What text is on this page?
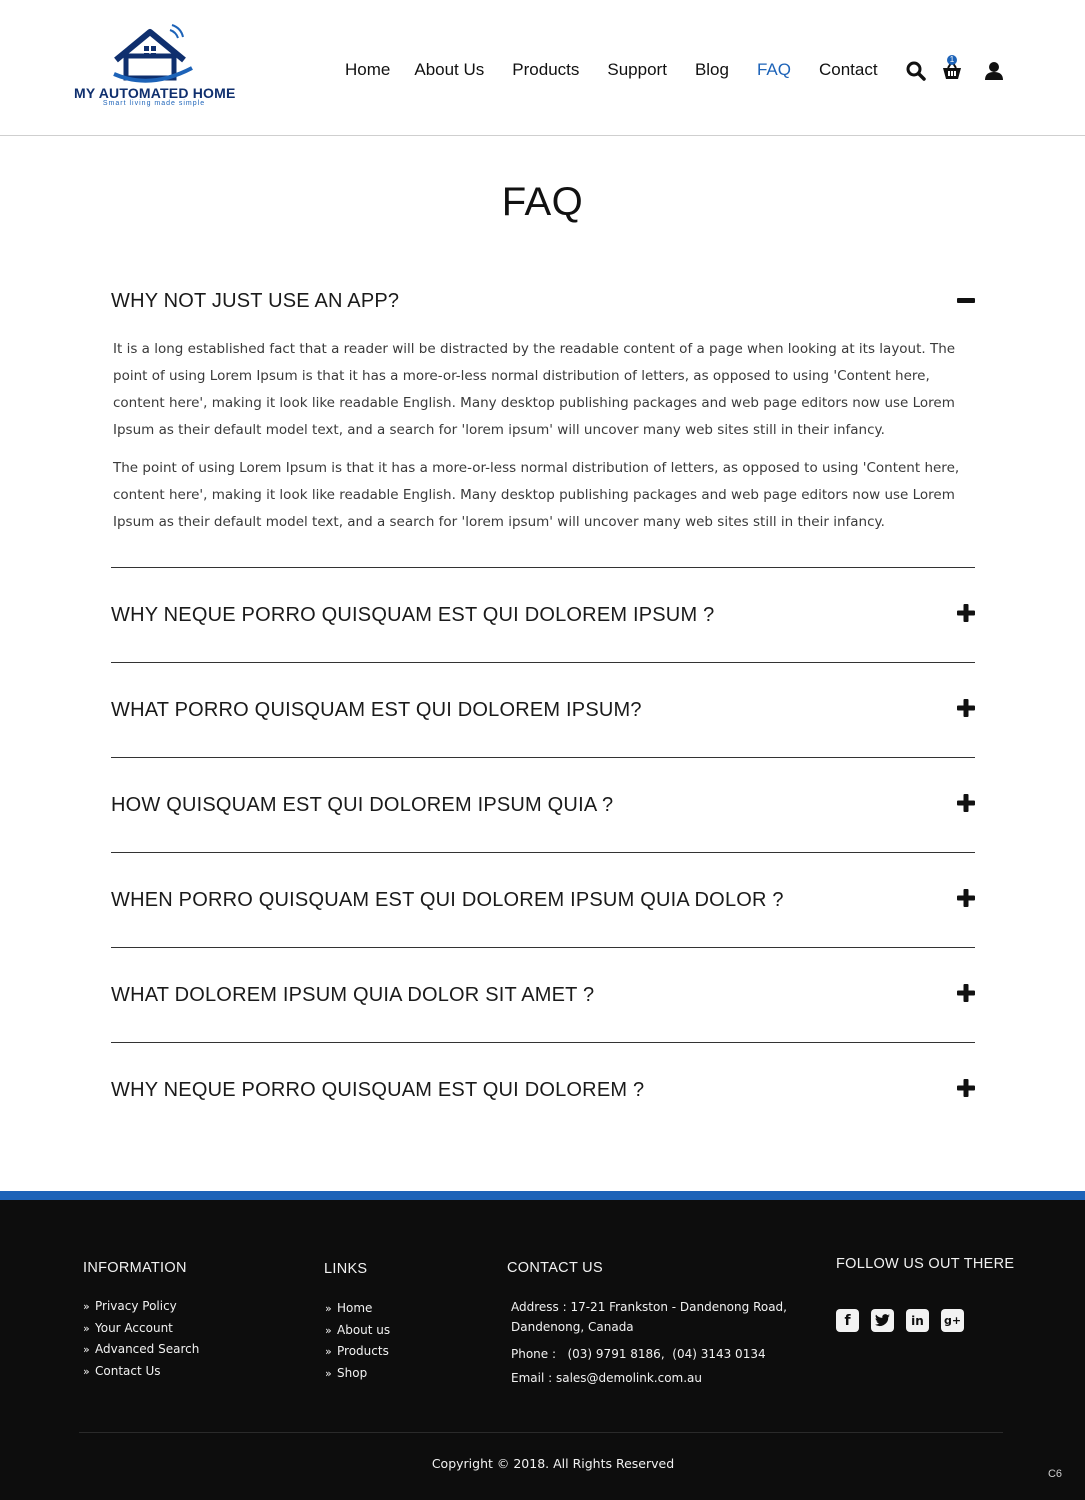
MY AUTOMATED HOME
Smart living made simple
Home About Us Products Support Blog FAQ Contact
1
FAQ
WHY NOT JUST USE AN APP?

It is a long established fact that a reader will be distracted by the readable content of a page when looking at its layout. The point of using Lorem Ipsum is that it has a more-or-less normal distribution of letters, as opposed to using 'Content here, content here', making it look like readable English. Many desktop publishing packages and web page editors now use Lorem Ipsum as their default model text, and a search for 'lorem ipsum' will uncover many web sites still in their infancy.

The point of using Lorem Ipsum is that it has a more-or-less normal distribution of letters, as opposed to using 'Content here, content here', making it look like readable English. Many desktop publishing packages and web page editors now use Lorem Ipsum as their default model text, and a search for 'lorem ipsum' will uncover many web sites still in their infancy.

WHY NEQUE PORRO QUISQUAM EST QUI DOLOREM IPSUM ?
WHAT PORRO QUISQUAM EST QUI DOLOREM IPSUM?
HOW QUISQUAM EST QUI DOLOREM IPSUM QUIA ?
WHEN PORRO QUISQUAM EST QUI DOLOREM IPSUM QUIA DOLOR ?
WHAT DOLOREM IPSUM QUIA DOLOR SIT AMET ?
WHY NEQUE PORRO QUISQUAM EST QUI DOLOREM ?
INFORMATION
» Privacy Policy
» Your Account
» Advanced Search
» Contact Us
LINKS
» Home
» About us
» Products
» Shop
CONTACT US
Address : 17-21 Frankston - Dandenong Road,
Dandenong, Canada
Phone :   (03) 9791 8186,  (04) 3143 0134
Email : sales@demolink.com.au
FOLLOW US OUT THERE
f	in	g+
Copyright © 2018. All Rights Reserved
C6
